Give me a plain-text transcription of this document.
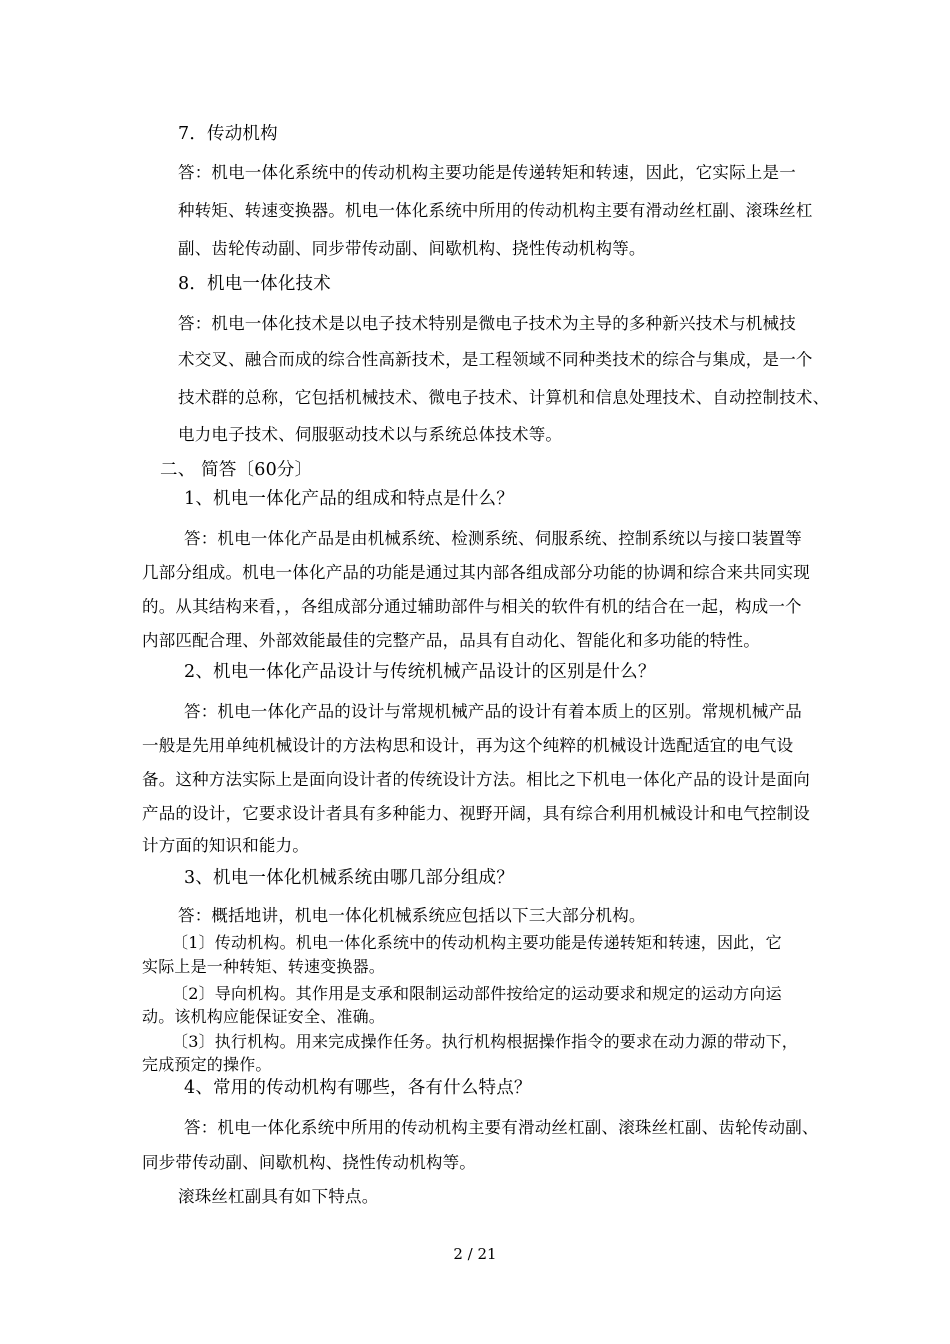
7．传动机构
答：机电一体化系统中的传动机构主要功能是传递转矩和转速，因此，它实际上是一
种转矩、转速变换器。机电一体化系统中所用的传动机构主要有滑动丝杠副、滚珠丝杠
副、齿轮传动副、同步带传动副、间歇机构、挠性传动机构等。
8．机电一体化技术
答：机电一体化技术是以电子技术特别是微电子技术为主导的多种新兴技术与机械技
术交叉、融合而成的综合性高新技术，是工程领域不同种类技术的综合与集成，是一个
技术群的总称，它包括机械技术、微电子技术、计算机和信息处理技术、自动控制技术、
电力电子技术、伺服驱动技术以与系统总体技术等。
二、 简答〔60分〕
1、机电一体化产品的组成和特点是什么？
答：机电一体化产品是由机械系统、检测系统、伺服系统、控制系统以与接口装置等
几部分组成。机电一体化产品的功能是通过其内部各组成部分功能的协调和综合来共同实现
的。从其结构来看，，各组成部分通过辅助部件与相关的软件有机的结合在一起，构成一个
内部匹配合理、外部效能最佳的完整产品，品具有自动化、智能化和多功能的特性。
2、机电一体化产品设计与传统机械产品设计的区别是什么？
答：机电一体化产品的设计与常规机械产品的设计有着本质上的区别。常规机械产品
一般是先用单纯机械设计的方法构思和设计，再为这个纯粹的机械设计选配适宜的电气设
备。这种方法实际上是面向设计者的传统设计方法。相比之下机电一体化产品的设计是面向
产品的设计，它要求设计者具有多种能力、视野开阔，具有综合利用机械设计和电气控制设
计方面的知识和能力。
3、机电一体化机械系统由哪几部分组成？
答：概括地讲，机电一体化机械系统应包括以下三大部分机构。
〔1〕传动机构。机电一体化系统中的传动机构主要功能是传递转矩和转速，因此，它
实际上是一种转矩、转速变换器。
〔2〕导向机构。其作用是支承和限制运动部件按给定的运动要求和规定的运动方向运
动。该机构应能保证安全、准确。
〔3〕执行机构。用来完成操作任务。执行机构根据操作指令的要求在动力源的带动下，
完成预定的操作。
4、常用的传动机构有哪些，各有什么特点？
答：机电一体化系统中所用的传动机构主要有滑动丝杠副、滚珠丝杠副、齿轮传动副、
同步带传动副、间歇机构、挠性传动机构等。
滚珠丝杠副具有如下特点。
2 / 21
